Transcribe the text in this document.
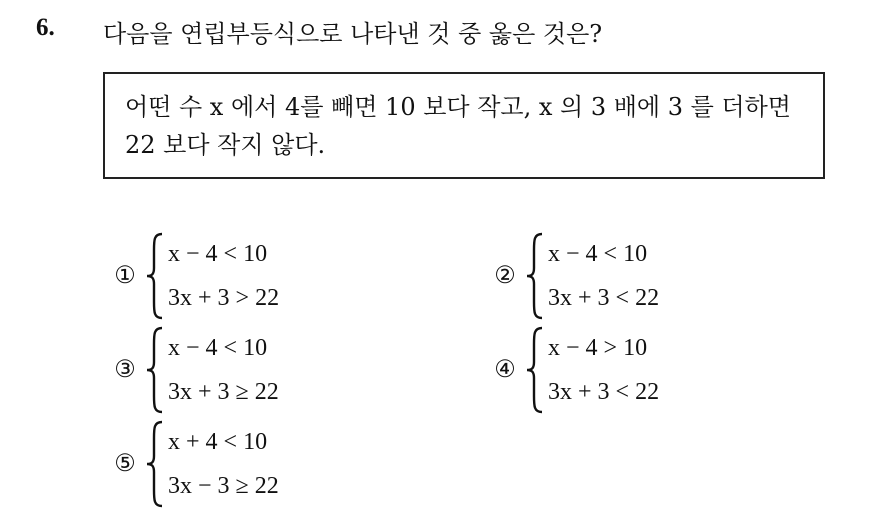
6. 다음을 연립부등식으로 나타낸 것 중 옳은 것은?
어떤 수 x 에서 4를 빼면 10 보다 작고, x 의 3 배에 3 를 더하면
22 보다 작지 않다.
①
x − 4 < 10
3x + 3 > 22
②
x − 4 < 10
3x + 3 < 22
③
x − 4 < 10
3x + 3 ≥ 22
④
x − 4 > 10
3x + 3 < 22
⑤
x + 4 < 10
3x − 3 ≥ 22
